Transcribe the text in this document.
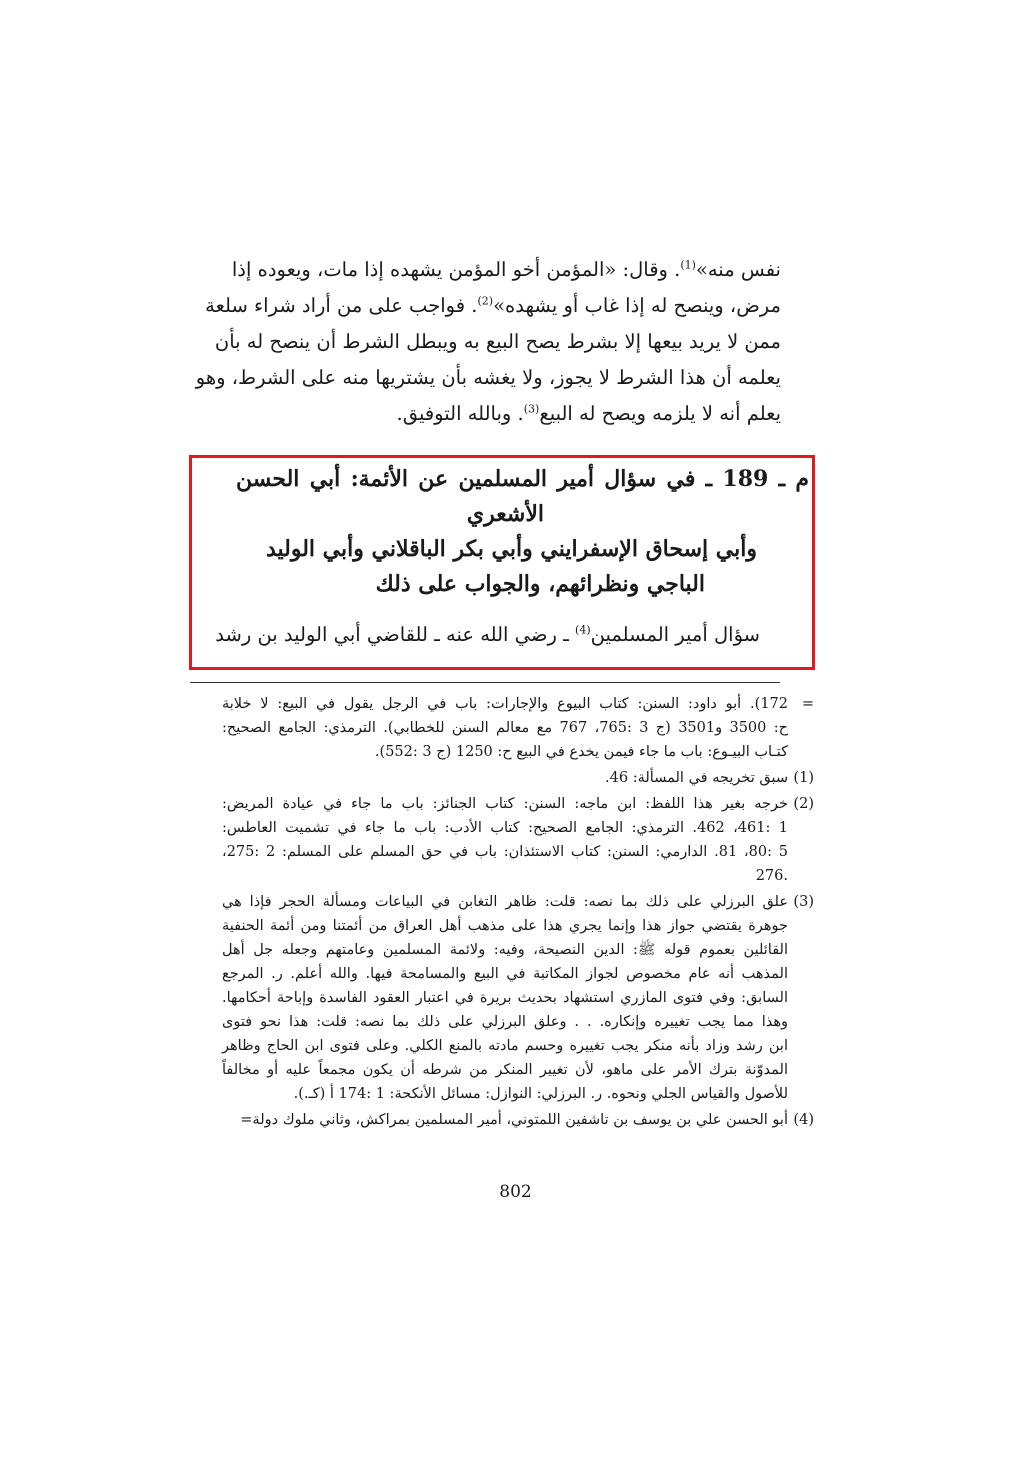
نفس منه»$^{(1)}$. وقال: «المؤمن أخو المؤمن يشهده إذا مات، ويعوده إذا
مرض، وينصح له إذا غاب أو يشهده»$^{(2)}$. فواجب على من أراد شراء سلعة
ممن لا يريد بيعها إلا بشرط يصح البيع به ويبطل الشرط أن ينصح له بأن
يعلمه أن هذا الشرط لا يجوز، ولا يغشه بأن يشتريها منه على الشرط، وهو
يعلم أنه لا يلزمه ويصح له البيع$^{(3)}$. وبالله التوفيق.
م ـ 189 ـ في سؤال أمير المسلمين عن الأئمة: أبي الحسن
الأشعري
وأبي إسحاق الإسفرايني وأبي بكر الباقلاني وأبي الوليد
الباجي ونظرائهم، والجواب على ذلك
سؤال أمير المسلمين$^{(4)}$ ـ رضي الله عنه ـ للقاضي أبي الوليد بن رشد
=
172). أبو داود: السنن: كتاب البيوع والإجارات: باب في الرجل يقول في البيع: لا خلابة
ح: 3500 و3501 (ج 3 :765، 767 مع معالم السنن للخطابي). الترمذي: الجامع الصحيح:
كتـاب البيـوع: باب ما جاء فيمن يخدع في البيع ح: 1250 (ج 3 :552).
(1)
سبق تخريجه في المسألة: 46.
(2)
خرجه بغير هذا اللفظ: ابن ماجه: السنن: كتاب الجنائز: باب ما جاء في عيادة المريض:
1 :461، 462. الترمذي: الجامع الصحيح: كتاب الأدب: باب ما جاء في تشميت العاطس:
5 :80، 81. الدارمي: السنن: كتاب الاستئذان: باب في حق المسلم على المسلم: 2 :275،
.276
(3)
علق البرزلي على ذلك بما نصه: قلت: ظاهر التغابن في البياعات ومسألة الحجر فإذا هي
جوهرة يقتضي جواز هذا وإنما يجري هذا على مذهب أهل العراق من أئمتنا ومن أئمة الحنفية
القائلين بعموم قوله ﷺ: الدين النصيحة، وفيه: ولائمة المسلمين وعامتهم وجعله جل أهل
المذهب أنه عام مخصوص لجواز المكاتبة في البيع والمسامحة فيها. والله أعلم. ر. المرجع
السابق: وفي فتوى المازري استشهاد بحديث بريرة في اعتبار العقود الفاسدة وإباحة أحكامها.
وهذا مما يجب تغييره وإنكاره. . . وعلق البرزلي على ذلك بما نصه: قلت: هذا نحو فتوى
ابن رشد وزاد بأنه منكر يجب تغييره وحسم مادته بالمنع الكلي. وعلى فتوى ابن الحاج وظاهر
المدوّنة بترك الأمر على ماهو، لأن تغيير المنكر من شرطه أن يكون مجمعاً عليه أو مخالفاً
للأصول والقياس الجلي ونحوه. ر. البرزلي: النوازل: مسائل الأنكحة: 1 :174 أ (كـ.).
(4)
أبو الحسن علي بن يوسف بن تاشفين اللمتوني، أمير المسلمين بمراكش، وثاني ملوك دولة=
802
